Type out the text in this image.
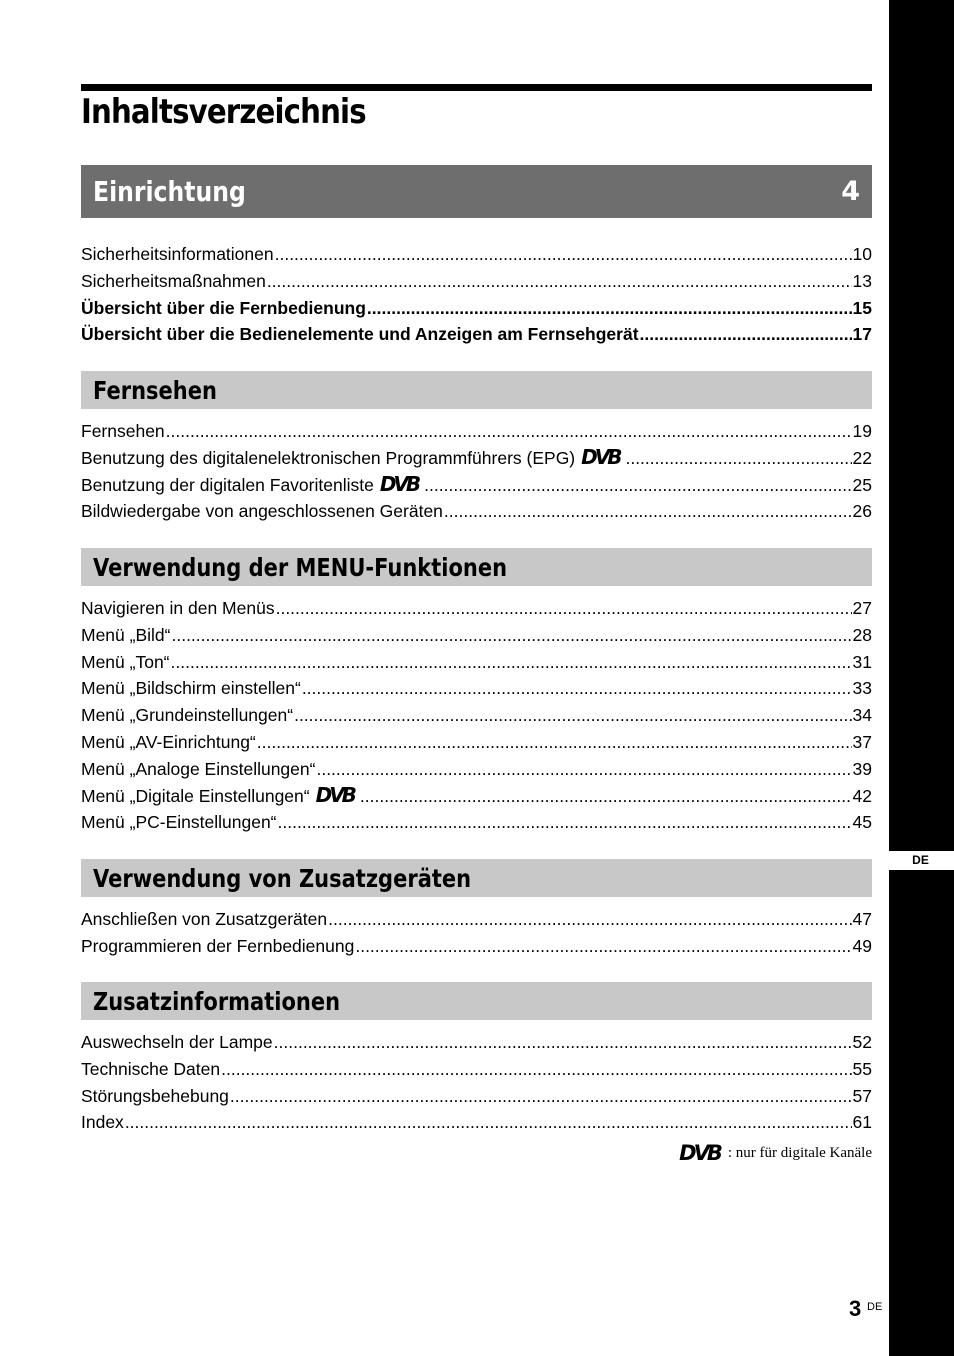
DE
Inhaltsverzeichnis
Einrichtung	4
Sicherheitsinformationen .....	10
Sicherheitsmaßnahmen .....	13
Übersicht über die Fernbedienung .....	15
Übersicht über die Bedienelemente und Anzeigen am Fernsehgerät .....	17
Fernsehen
Fernsehen .....	19
Benutzung des digitalenelektronischen Programmführers (EPG) DVB .....	22
Benutzung der digitalen Favoritenliste DVB .....	25
Bildwiedergabe von angeschlossenen Geräten .....	26
Verwendung der MENU-Funktionen
Navigieren in den Menüs .....	27
Menü „Bild“ .....	28
Menü „Ton“ .....	31
Menü „Bildschirm einstellen“ .....	33
Menü „Grundeinstellungen“ .....	34
Menü „AV-Einrichtung“ .....	37
Menü „Analoge Einstellungen“ .....	39
Menü „Digitale Einstellungen“ DVB .....	42
Menü „PC-Einstellungen“ .....	45
Verwendung von Zusatzgeräten
Anschließen von Zusatzgeräten .....	47
Programmieren der Fernbedienung .....	49
Zusatzinformationen
Auswechseln der Lampe .....	52
Technische Daten .....	55
Störungsbehebung .....	57
Index .....	61
DVB : nur für digitale Kanäle
3 DE
